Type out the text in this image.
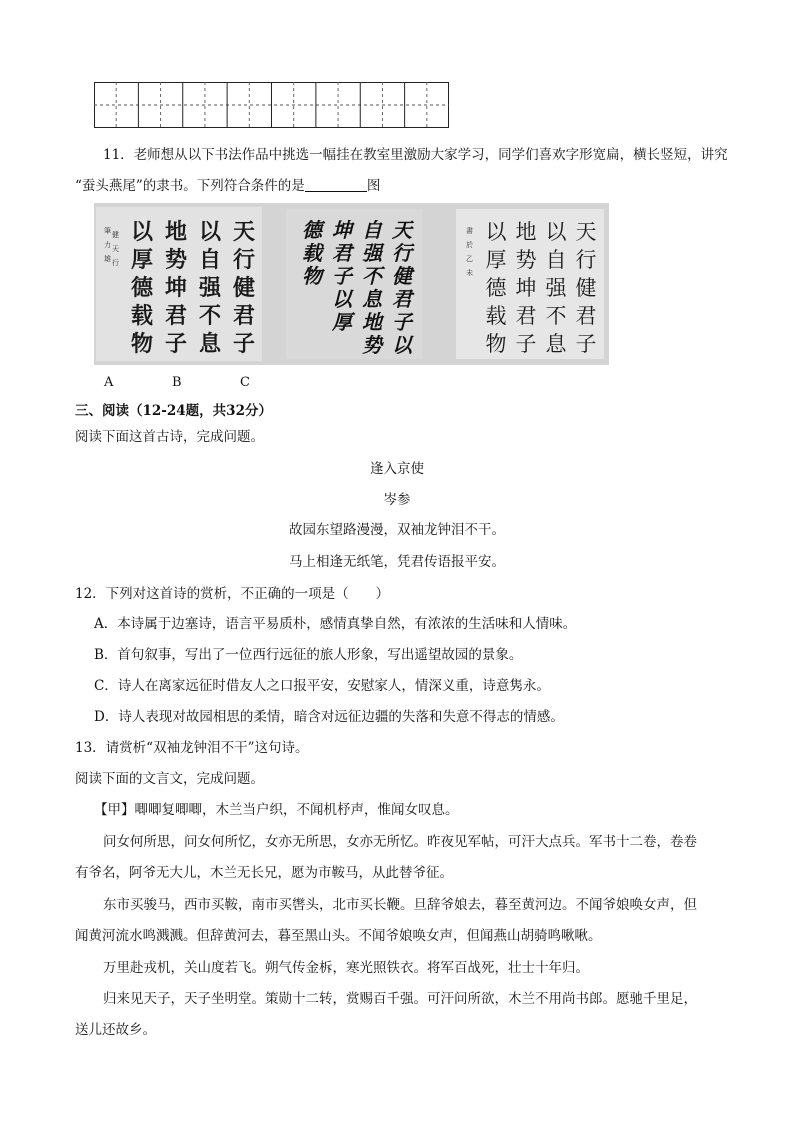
11．老师想从以下书法作品中挑选一幅挂在教室里激励大家学习，同学们喜欢字形宽扁，横长竖短，讲究
“蚕头燕尾”的隶书。下列符合条件的是	图
天
行
健
君
子
以
自
强
不
息
地
势
坤
君
子
以
厚
德
载
物
筆
力
雄
健
天
行
天
行
健
君
子
以
自
强
不
息
地
势
坤
君
子
以
厚
德
载
物
天
行
健
君
子
以
自
强
不
息
地
势
坤
君
子
以
厚
德
载
物
書
於
乙
未
A	B	C
三、阅读（12-24题，共32分）
阅读下面这首古诗，完成问题。
逢入京使
岑参
故园东望路漫漫，双袖龙钟泪不干。
马上相逢无纸笔，凭君传语报平安。
12．下列对这首诗的赏析，不正确的一项是（　　）
A．本诗属于边塞诗，语言平易质朴，感情真挚自然，有浓浓的生活味和人情味。
B．首句叙事，写出了一位西行远征的旅人形象，写出遥望故园的景象。
C．诗人在离家远征时借友人之口报平安，安慰家人，情深义重，诗意隽永。
D．诗人表现对故园相思的柔情，暗含对远征边疆的失落和失意不得志的情感。
13．请赏析“双袖龙钟泪不干”这句诗。
阅读下面的文言文，完成问题。
【甲】唧唧复唧唧，木兰当户织，不闻机杼声，惟闻女叹息。
问女何所思，问女何所忆，女亦无所思，女亦无所忆。昨夜见军帖，可汗大点兵。军书十二卷，卷卷
有爷名，阿爷无大儿，木兰无长兄，愿为市鞍马，从此替爷征。
东市买骏马，西市买鞍，南市买辔头，北市买长鞭。旦辞爷娘去，暮至黄河边。不闻爷娘唤女声，但
闻黄河流水鸣溅溅。但辞黄河去，暮至黑山头。不闻爷娘唤女声，但闻燕山胡骑鸣啾啾。
万里赴戎机，关山度若飞。朔气传金柝，寒光照铁衣。将军百战死，壮士十年归。
归来见天子，天子坐明堂。策勋十二转，赏赐百千强。可汗问所欲，木兰不用尚书郎。愿驰千里足，
送儿还故乡。
